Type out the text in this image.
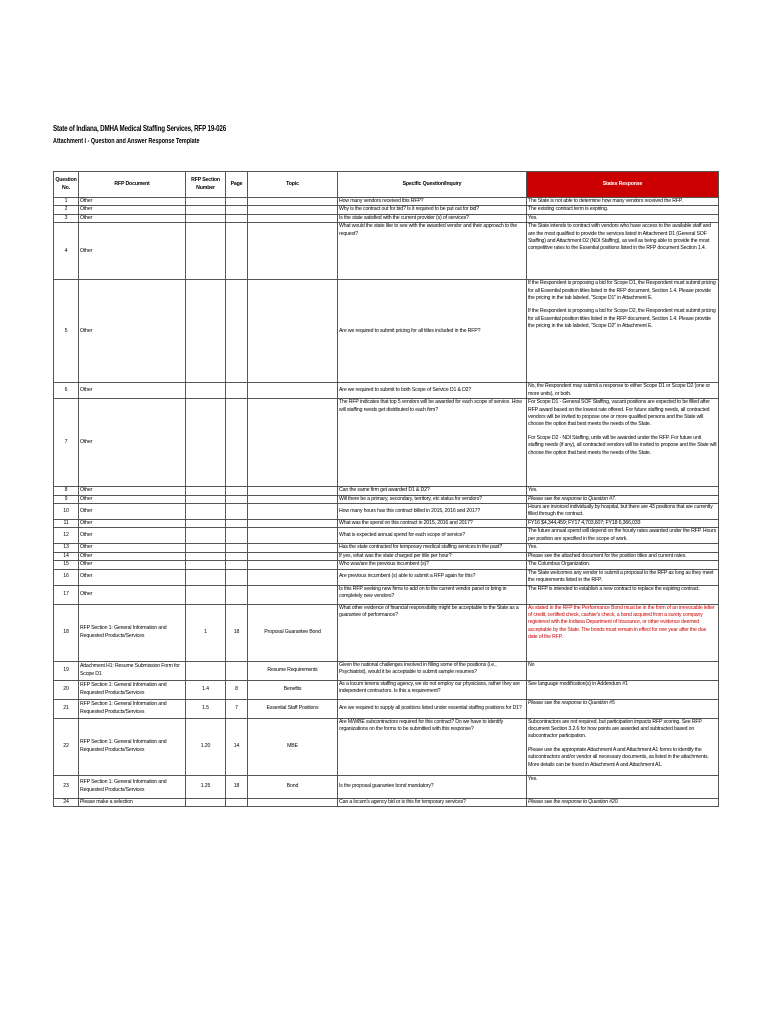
State of Indiana, DMHA Medical Staffing Services, RFP 19-026
Attachment I - Question and Answer Response Template
Question No.	RFP Document	RFP Section Number	Page	Topic	Specific Question/Inquiry	States Response
1	Other				How many vendors received this RFP?	The State is not able to determine how many vendors received the RFP.
2	Other				Why is the contract out for bid? Is it required to be put out for bid?	The existing contract term is expiring.
3	Other				Is the state satisfied with the current provider (s) of services?	Yes.
4	Other				What would the state like to see with the awarded vendor and their approach to the request?	The State intends to contract with vendors who have access to the available staff and are the most qualified to provide the services listed in Attachment D1 (General SOF Staffing) and Attachment D2 (NDI Staffing), as well as being able to provide the most competitive rates to the Essential positions listed in the RFP document Section 1.4.
5	Other				Are we required to submit pricing for all titles included in the RFP?	If the Respondent is proposing a bid for Scope D1, the Respondent must submit pricing for all Essential position titles listed in the RFP document, Section 1.4. Please provide the pricing in the tab labeled, "Scope D1" in Attachment E.
If the Respondent is proposing a bid for Scope D2, the Respondent must submit pricing for all Essential position titles listed in the RFP document, Section 1.4. Please provide the pricing in the tab labeled, "Scope D2" in Attachment E.
6	Other				Are we required to submit to both Scope of Service D1 & D2?	No, the Respondent may submit a response to either Scope D1 or Scope D2 (one or more units), or both.
7	Other				The RFP indicates that top 5 vendors will be awarded for each scope of service. How will staffing needs get distributed to each firm?	For Scope D1 - General SOF Staffing, vacant positions are expected to be filled after RFP award based on the lowest rate offered. For future staffing needs, all contracted vendors will be invited to propose one or more qualified persons and the State will choose the option that best meets the needs of the State.
For Scope D2 - NDI Staffing, units will be awarded under the RFP. For future unit staffing needs (if any), all contracted vendors will be invited to propose and the State will choose the option that best meets the needs of the State.
8	Other				Can the same firm get awarded D1 & D2?	Yes.
9	Other				Will there be a primary, secondary, territory, etc status for vendors?	Please see the response to Question #7.
10	Other				How many hours has this contract billed in 2015, 2016 and 2017?	Hours are invoiced individually by hospital, but there are 43 positions that are currently filled through the contract.
11	Other				What was the spend on this contract in 2015, 2016 and 2017?	FY16 $4,344,459; FY17 4,703,607; FY18 6,366,033
12	Other				What is expected annual spend for each scope of service?	The future annual spend will depend on the hourly rates awarded under the RFP. Hours per position are specified in the scope of work.
13	Other				Has the state contracted for temporary medical staffing services in the past?	Yes.
14	Other				If yes, what was the state charged per title per hour?	Please see the attached document for the position titles and current rates.
15	Other				Who was/are the previous incumbent (s)?	The Columbus Organization.
16	Other				Are previous incumbent (s) able to submit a RFP again for this?	The State welcomes any vendor to submit a proposal to the RFP as long as they meet the requirements listed in the RFP.
17	Other				Is this RFP seeking new firms to add on to the current vendor panel or bring in completely new vendors?	The RFP is intended to establish a new contract to replace the expiring contract.
18	RFP Section 1: General Information and Requested Products/Services	1	18	Proposal Guarantee Bond	What other evidence of financial responsibility might be acceptable to the State as a guarantee of performance?	As stated in the RFP the Performance Bond must be in the form of an irrevocable letter of credit, certified check, cashier's check, a bond acquired from a surety company registered with the Indiana Department of Insurance, or other evidence deemed acceptable by the State. The bonds must remain in effect for one year after the due date of the RFP.
19	Attachment H1: Resume Submission Form for Scope D1			Resume Requirements	Given the national challenges involved in filling some of the positions (i.e., Psychiatrist), would it be acceptable to submit sample resumes?	No
20	RFP Section 1: General Information and Requested Products/Services	1.4	8	Benefits	As a locum tenens staffing agency, we do not employ our physicians, rather they are independent contractors. Is this a requirement?	See language modification(s) in Addendum #1
21	RFP Section 1: General Information and Requested Products/Services	1.5	7	Essential Staff Positions	Are we required to supply all positions listed under essential staffing positions for D1?	Please see the response to Question #5
22	RFP Section 1: General Information and Requested Products/Services	1.20	14	MBE	Are M/WBE subcontractors required for this contract? Do we have to identify organizations on the forms to be submitted with this response?	Subcontractors are not required, but participation impacts RFP scoring. See RFP document Section 3.2.6 for how points are awarded and subtracted based on subcontractor participation.
Please use the appropriate Attachment A and Attachment A1 forms to identify the subcontractors and/or vendor all necessary documents, as listed in the attachments. More details can be found in Attachment A and Attachment A1.
23	RFP Section 1: General Information and Requested Products/Services	1.25	18	Bond	Is the proposal guarantee bond mandatory?	Yes.
24	Please make a selection				Can a locum's agency bid or is this for temporary services?	Please see the response to Question #20.
